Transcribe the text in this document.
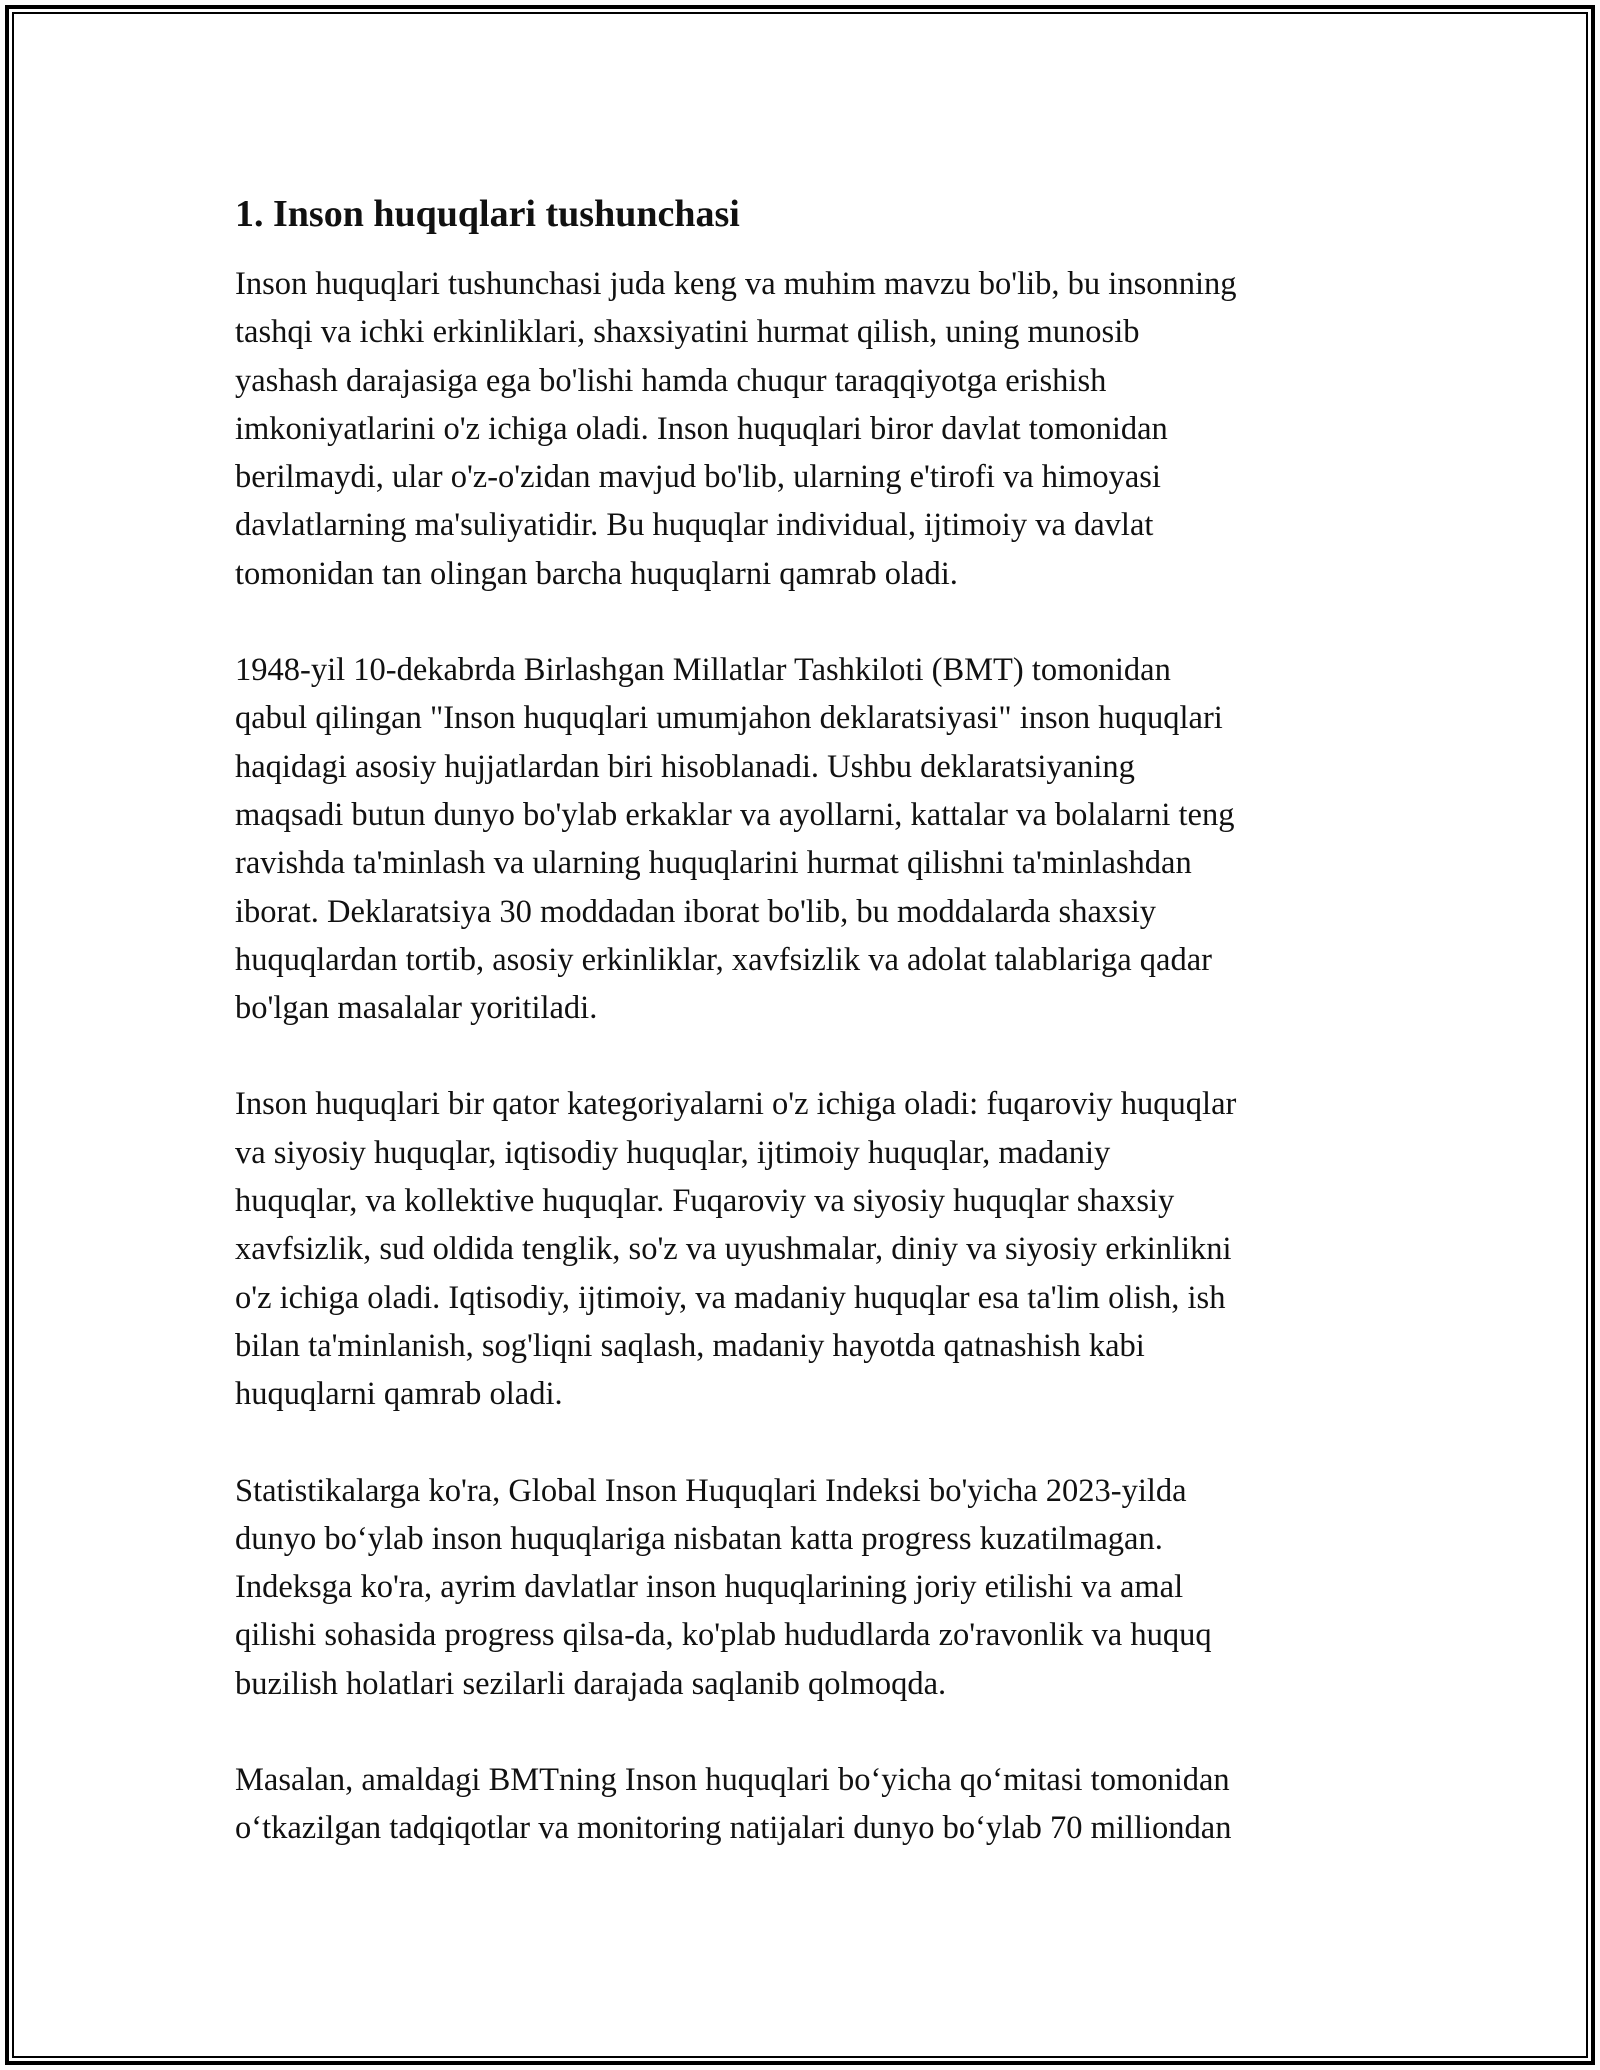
1. Inson huquqlari tushunchasi
Inson huquqlari tushunchasi juda keng va muhim mavzu bo'lib, bu insonning
tashqi va ichki erkinliklari, shaxsiyatini hurmat qilish, uning munosib
yashash darajasiga ega bo'lishi hamda chuqur taraqqiyotga erishish
imkoniyatlarini o'z ichiga oladi. Inson huquqlari biror davlat tomonidan
berilmaydi, ular o'z-o'zidan mavjud bo'lib, ularning e'tirofi va himoyasi
davlatlarning ma'suliyatidir. Bu huquqlar individual, ijtimoiy va davlat
tomonidan tan olingan barcha huquqlarni qamrab oladi.
1948-yil 10-dekabrda Birlashgan Millatlar Tashkiloti (BMT) tomonidan
qabul qilingan "Inson huquqlari umumjahon deklaratsiyasi" inson huquqlari
haqidagi asosiy hujjatlardan biri hisoblanadi. Ushbu deklaratsiyaning
maqsadi butun dunyo bo'ylab erkaklar va ayollarni, kattalar va bolalarni teng
ravishda ta'minlash va ularning huquqlarini hurmat qilishni ta'minlashdan
iborat. Deklaratsiya 30 moddadan iborat bo'lib, bu moddalarda shaxsiy
huquqlardan tortib, asosiy erkinliklar, xavfsizlik va adolat talablariga qadar
bo'lgan masalalar yoritiladi.
Inson huquqlari bir qator kategoriyalarni o'z ichiga oladi: fuqaroviy huquqlar
va siyosiy huquqlar, iqtisodiy huquqlar, ijtimoiy huquqlar, madaniy
huquqlar, va kollektive huquqlar. Fuqaroviy va siyosiy huquqlar shaxsiy
xavfsizlik, sud oldida tenglik, so'z va uyushmalar, diniy va siyosiy erkinlikni
o'z ichiga oladi. Iqtisodiy, ijtimoiy, va madaniy huquqlar esa ta'lim olish, ish
bilan ta'minlanish, sog'liqni saqlash, madaniy hayotda qatnashish kabi
huquqlarni qamrab oladi.
Statistikalarga ko'ra, Global Inson Huquqlari Indeksi bo'yicha 2023-yilda
dunyo bo‘ylab inson huquqlariga nisbatan katta progress kuzatilmagan.
Indeksga ko'ra, ayrim davlatlar inson huquqlarining joriy etilishi va amal
qilishi sohasida progress qilsa-da, ko'plab hududlarda zo'ravonlik va huquq
buzilish holatlari sezilarli darajada saqlanib qolmoqda.
Masalan, amaldagi BMTning Inson huquqlari bo‘yicha qo‘mitasi tomonidan
o‘tkazilgan tadqiqotlar va monitoring natijalari dunyo bo‘ylab 70 milliondan
